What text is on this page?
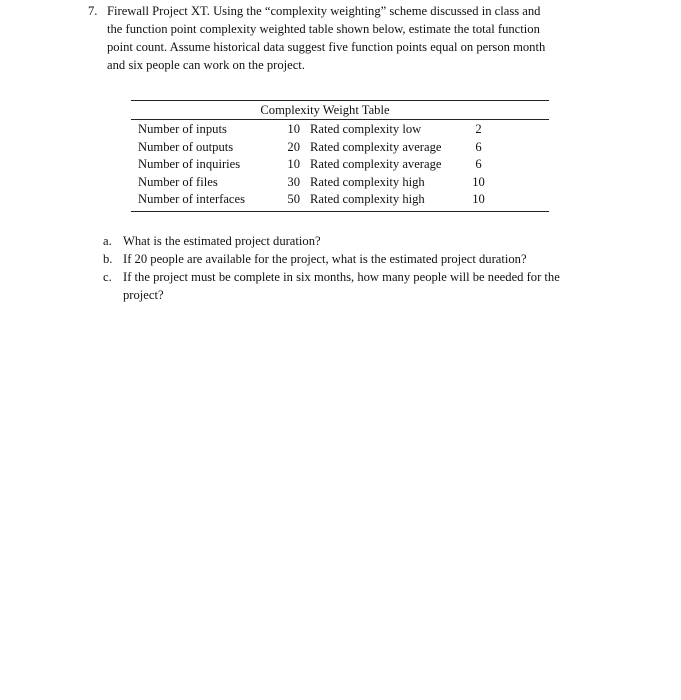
7. Firewall Project XT. Using the “complexity weighting” scheme discussed in class and
the function point complexity weighted table shown below, estimate the total function
point count. Assume historical data suggest five function points equal on person month
and six people can work on the project.
Complexity Weight Table
Number of inputs	10 Rated complexity low	2
Number of outputs	20 Rated complexity average	6
Number of inquiries	10 Rated complexity average	6
Number of files	30 Rated complexity high	10
Number of interfaces	50 Rated complexity high	10
a. What is the estimated project duration?
b. If 20 people are available for the project, what is the estimated project duration?
c. If the project must be complete in six months, how many people will be needed for the
project?
